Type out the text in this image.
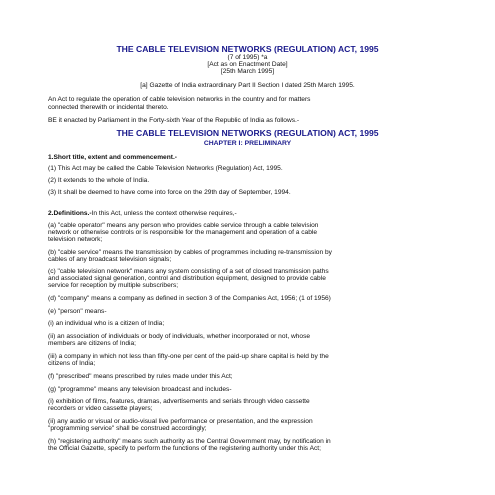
THE CABLE TELEVISION NETWORKS (REGULATION) ACT, 1995
(7 of 1995) *a
[Act as on Enactment Date]
[25th March 1995]
[a] Gazette of India extraordinary Part II Section I dated 25th March 1995.
An Act to regulate the operation of cable television networks in the country and for matters
connected therewith or incidental thereto.
BE it enacted by Parliament in the Forty-sixth Year of the Republic of India as follows.-
THE CABLE TELEVISION NETWORKS (REGULATION) ACT, 1995
CHAPTER I: PRELIMINARY
1.Short title, extent and commencement.-
(1) This Act may be called the Cable Television Networks (Regulation) Act, 1995.
(2) It extends to the whole of India.
(3) It shall be deemed to have come into force on the 29th day of September, 1994.
2.Definitions.-In this Act, unless the context otherwise requires,-
(a) "cable operator" means any person who provides cable service through a cable television
network or otherwise controls or is responsible for the management and operation of a cable
television network;
(b) "cable service" means the transmission by cables of programmes including re-transmission by
cables of any broadcast television signals;
(c) "cable television network" means any system consisting of a set of closed transmission paths
and associated signal generation, control and distribution equipment, designed to provide cable
service for reception by multiple subscribers;
(d) "company" means a company as defined in section 3 of the Companies Act, 1956; (1 of 1956)
(e) "person" means-
(i) an individual who is a citizen of India;
(ii) an association of individuals or body of individuals, whether incorporated or not, whose
members are citizens of India;
(iii) a company in which not less than fifty-one per cent of the paid-up share capital is held by the
citizens of India;
(f) "prescribed" means prescribed by rules made under this Act;
(g) "programme" means any television broadcast and includes-
(i) exhibition of films, features, dramas, advertisements and serials through video cassette
recorders or video cassette players;
(ii) any audio or visual or audio-visual live performance or presentation, and the expression
"programming service" shall be construed accordingly;
(h) "registering authority" means such authority as the Central Government may, by notification in
the Official Gazette, specify to perform the functions of the registering authority under this Act;
